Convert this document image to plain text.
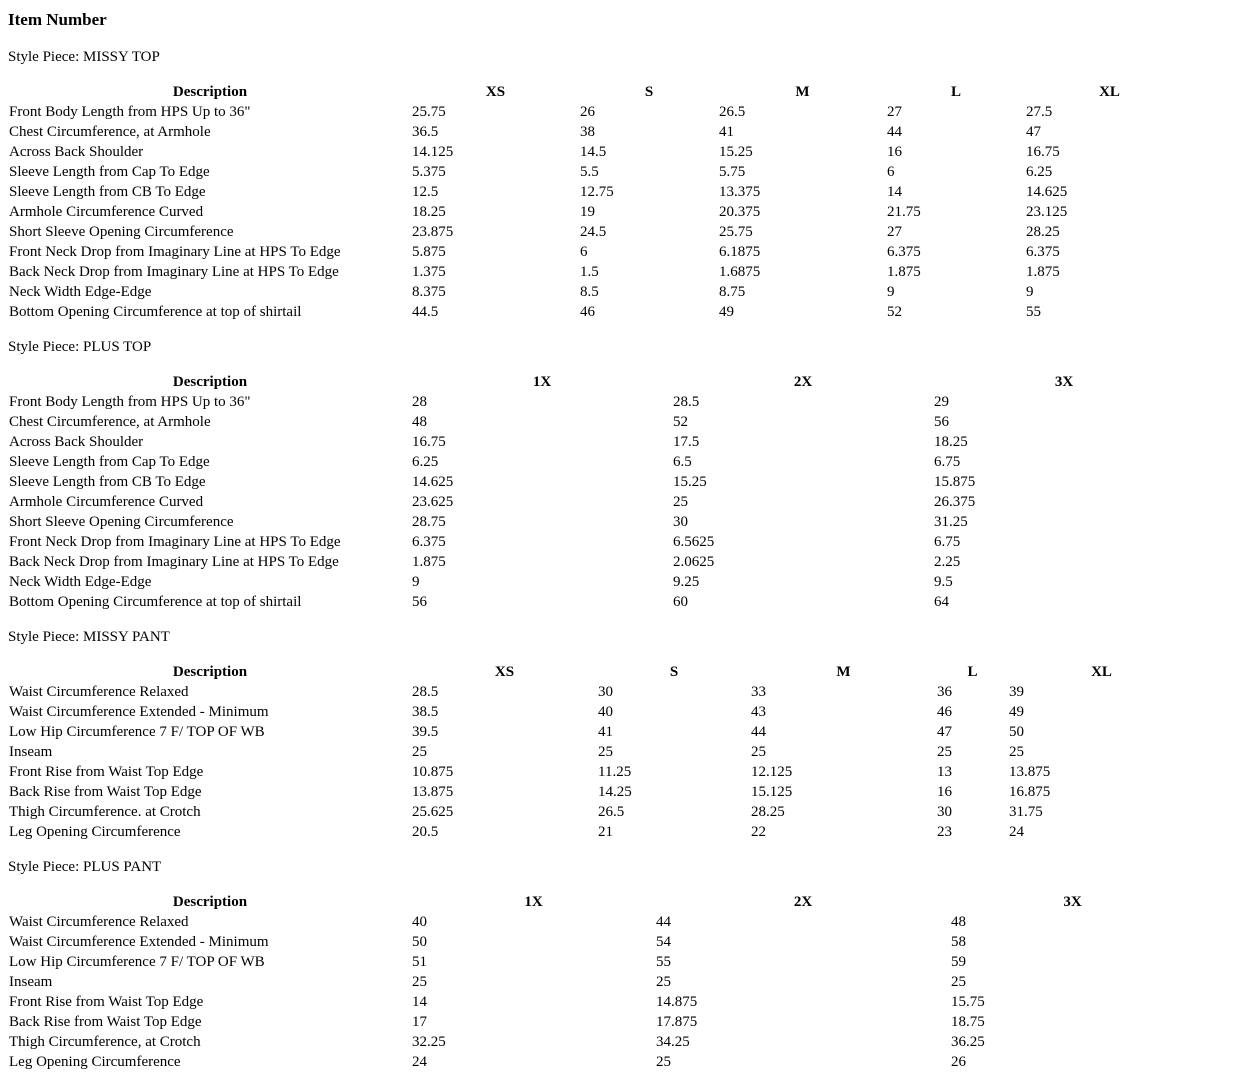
Item Number

Style Piece: MISSY TOP

Description	XS	S	M	L	XL
Front Body Length from HPS Up to 36"	25.75	26	26.5	27	27.5
Chest Circumference, at Armhole	36.5	38	41	44	47
Across Back Shoulder	14.125	14.5	15.25	16	16.75
Sleeve Length from Cap To Edge	5.375	5.5	5.75	6	6.25
Sleeve Length from CB To Edge	12.5	12.75	13.375	14	14.625
Armhole Circumference Curved	18.25	19	20.375	21.75	23.125
Short Sleeve Opening Circumference	23.875	24.5	25.75	27	28.25
Front Neck Drop from Imaginary Line at HPS To Edge	5.875	6	6.1875	6.375	6.375
Back Neck Drop from Imaginary Line at HPS To Edge	1.375	1.5	1.6875	1.875	1.875
Neck Width Edge-Edge	8.375	8.5	8.75	9	9
Bottom Opening Circumference at top of shirtail	44.5	46	49	52	55

Style Piece: PLUS TOP

Description	1X	2X	3X
Front Body Length from HPS Up to 36"	28	28.5	29
Chest Circumference, at Armhole	48	52	56
Across Back Shoulder	16.75	17.5	18.25
Sleeve Length from Cap To Edge	6.25	6.5	6.75
Sleeve Length from CB To Edge	14.625	15.25	15.875
Armhole Circumference Curved	23.625	25	26.375
Short Sleeve Opening Circumference	28.75	30	31.25
Front Neck Drop from Imaginary Line at HPS To Edge	6.375	6.5625	6.75
Back Neck Drop from Imaginary Line at HPS To Edge	1.875	2.0625	2.25
Neck Width Edge-Edge	9	9.25	9.5
Bottom Opening Circumference at top of shirtail	56	60	64

Style Piece: MISSY PANT

Description	XS	S	M	L	XL
Waist Circumference Relaxed	28.5	30	33	36	39
Waist Circumference Extended - Minimum	38.5	40	43	46	49
Low Hip Circumference 7 F/ TOP OF WB	39.5	41	44	47	50
Inseam	25	25	25	25	25
Front Rise from Waist Top Edge	10.875	11.25	12.125	13	13.875
Back Rise from Waist Top Edge	13.875	14.25	15.125	16	16.875
Thigh Circumference. at Crotch	25.625	26.5	28.25	30	31.75
Leg Opening Circumference	20.5	21	22	23	24

Style Piece: PLUS PANT

Description	1X	2X	3X
Waist Circumference Relaxed	40	44	48
Waist Circumference Extended - Minimum	50	54	58
Low Hip Circumference 7 F/ TOP OF WB	51	55	59
Inseam	25	25	25
Front Rise from Waist Top Edge	14	14.875	15.75
Back Rise from Waist Top Edge	17	17.875	18.75
Thigh Circumference, at Crotch	32.25	34.25	36.25
Leg Opening Circumference	24	25	26
